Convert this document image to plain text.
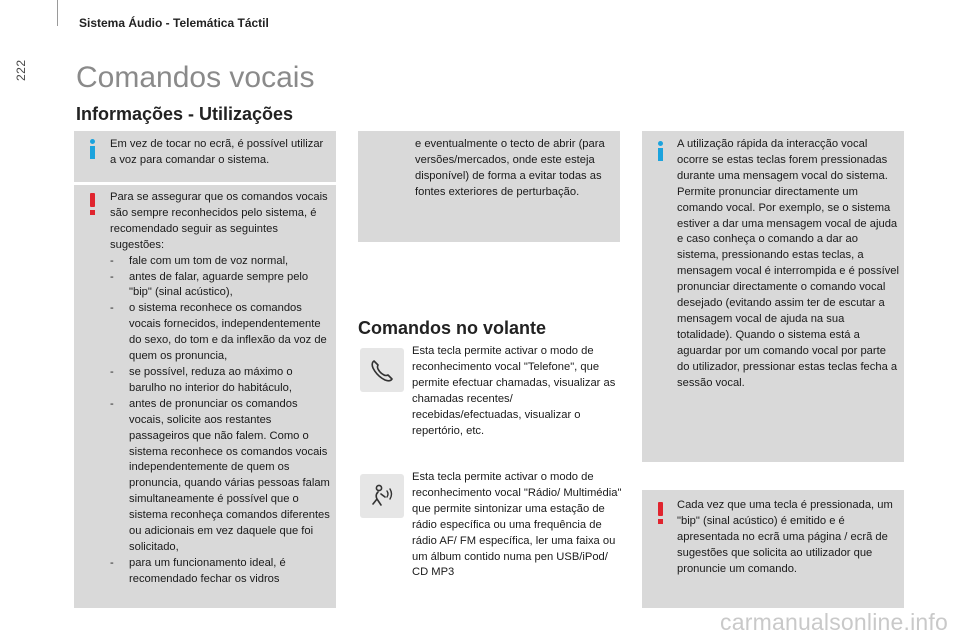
222
Sistema Áudio - Telemática Táctil
Comandos vocais
Informações - Utilizações
Em vez de tocar no ecrã, é possível utilizar a voz para comandar o sistema.

Para se assegurar que os comandos vocais são sempre reconhecidos pelo sistema, é recomendado seguir as seguintes sugestões:

- fale com um tom de voz normal,
- antes de falar, aguarde sempre pelo "bip" (sinal acústico),
- o sistema reconhece os comandos vocais fornecidos, independentemente do sexo, do tom e da inflexão da voz de quem os pronuncia,
- se possível, reduza ao máximo o barulho no interior do habitáculo,
- antes de pronunciar os comandos vocais, solicite aos restantes passageiros que não falem. Como o sistema reconhece os comandos vocais independentemente de quem os pronuncia, quando várias pessoas falam simultaneamente é possível que o sistema reconheça comandos diferentes ou adicionais em vez daquele que foi solicitado,
- para um funcionamento ideal, é recomendado fechar os vidros
e eventualmente o tecto de abrir (para versões/mercados, onde este esteja disponível) de forma a evitar todas as fontes exteriores de perturbação.
Comandos no volante
Esta tecla permite activar o modo de reconhecimento vocal "Telefone", que permite efectuar chamadas, visualizar as chamadas recentes/ recebidas/efectuadas, visualizar o repertório, etc.
Esta tecla permite activar o modo de reconhecimento vocal "Rádio/ Multimédia" que permite sintonizar uma estação de rádio específica ou uma frequência de rádio AF/ FM específica, ler uma faixa ou um álbum contido numa pen USB/iPod/ CD MP3
A utilização rápida da interacção vocal ocorre se estas teclas forem pressionadas durante uma mensagem vocal do sistema. Permite pronunciar directamente um comando vocal. Por exemplo, se o sistema estiver a dar uma mensagem vocal de ajuda e caso conheça o comando a dar ao sistema, pressionando estas teclas, a mensagem vocal é interrompida e é possível pronunciar directamente o comando vocal desejado (evitando assim ter de escutar a mensagem vocal de ajuda na sua totalidade). Quando o sistema está a aguardar por um comando vocal por parte do utilizador, pressionar estas teclas fecha a sessão vocal.
Cada vez que uma tecla é pressionada, um "bip" (sinal acústico) é emitido e é apresentada no ecrã uma página / ecrã de sugestões que solicita ao utilizador que pronuncie um comando.
carmanualsonline.info
